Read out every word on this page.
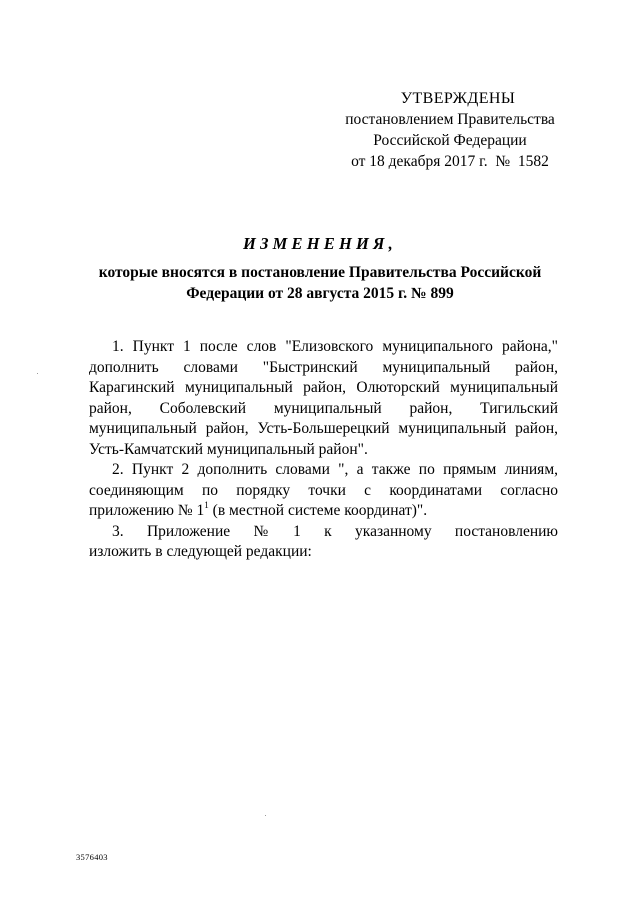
УТВЕРЖДЕНЫ
постановлением Правительства
Российской Федерации
от 18 декабря 2017 г.  №  1582
ИЗМЕНЕНИЯ,
которые вносятся в постановление Правительства Российской
Федерации от 28 августа 2015 г. № 899

1. Пункт 1 после слов "Елизовского муниципального района," дополнить словами "Быстринский муниципальный район, Карагинский муниципальный район, Олюторский муниципальный район, Соболевский муниципальный район, Тигильский муниципальный район, Усть-Большерецкий муниципальный район, Усть-Камчатский муниципальный район".

2. Пункт 2 дополнить словами ", а также по прямым линиям, соединяющим по порядку точки с координатами согласно приложению № $1^1$ (в местной системе координат)".

3. Приложение № 1 к указанному постановлению изложить в следующей редакции:

3576403
